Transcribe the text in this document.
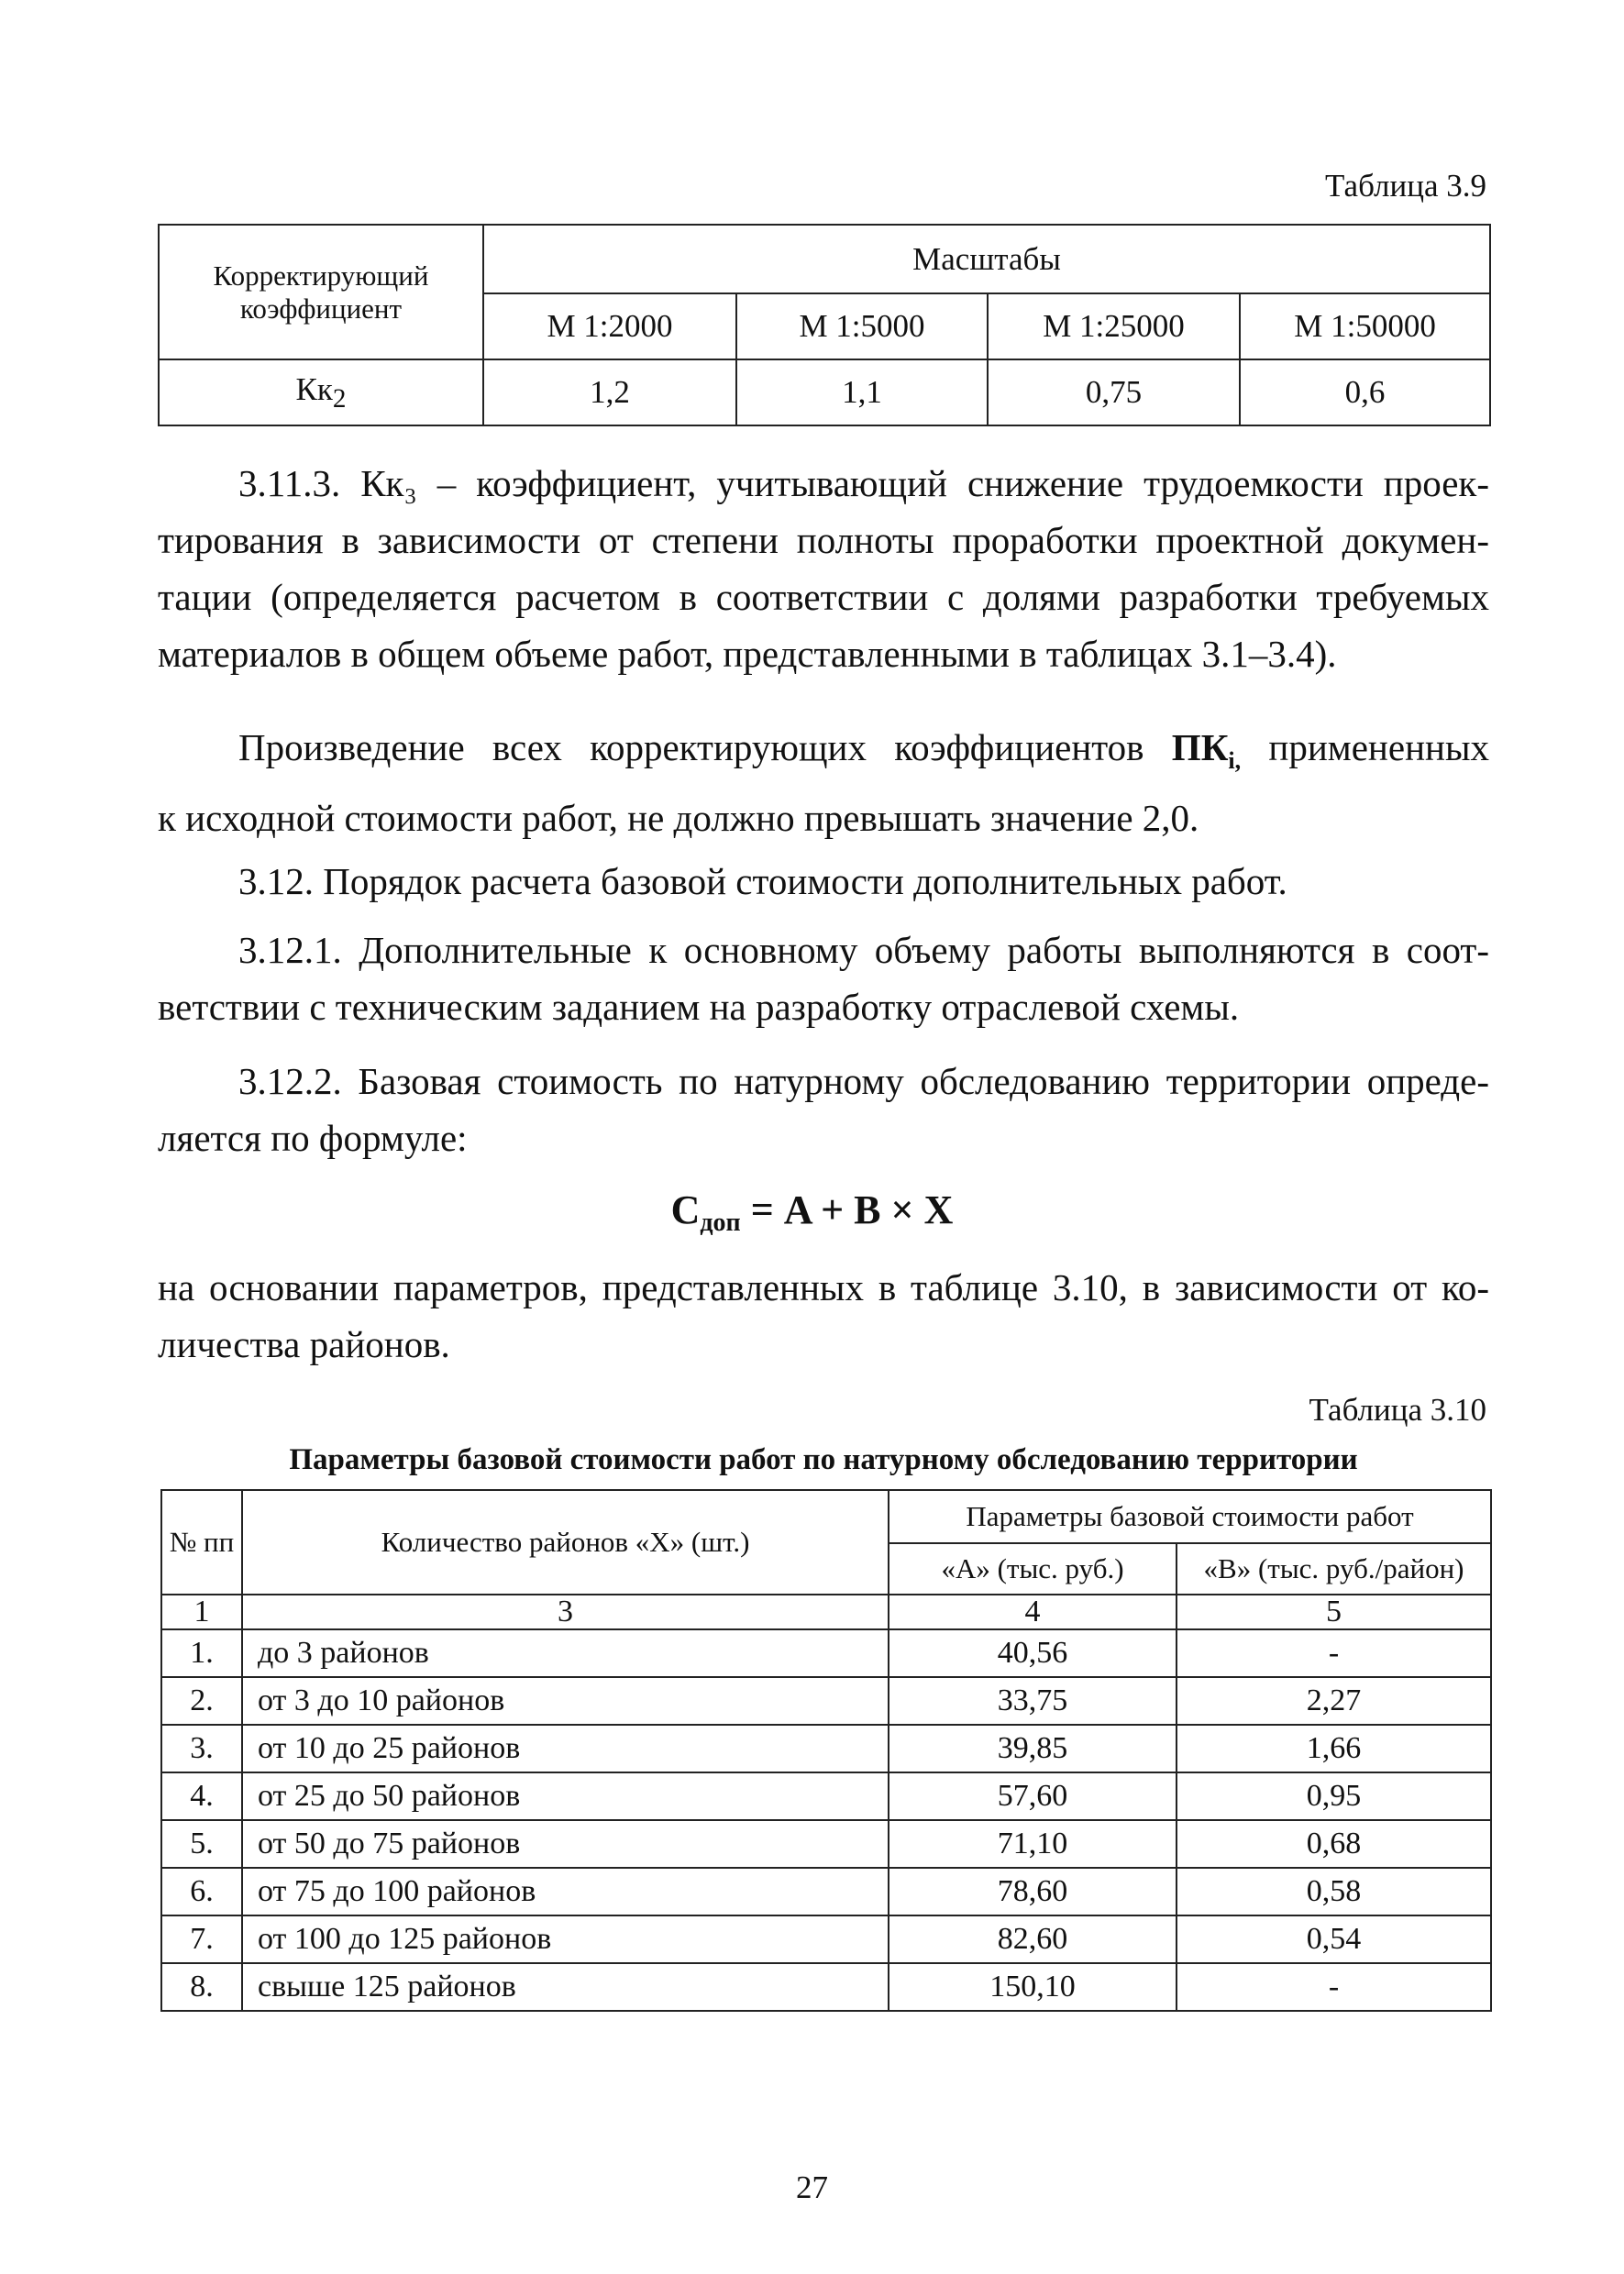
Таблица 3.9
Корректирующий коэффициент	Масштабы			
	М 1:2000	М 1:5000	М 1:25000	М 1:50000
$Кк_2$	1,2	1,1	0,75	0,6
3.11.3. Кк₃ – коэффициент, учитывающий снижение трудоемкости проек-
тирования в зависимости от степени полноты проработки проектной докумен-
тации (определяется расчетом в соответствии с долями разработки требуемых
материалов в общем объеме работ, представленными в таблицах 3.1–3.4).
Произведение всех корректирующих коэффициентов $ПК_{i,}$ примененных
к исходной стоимости работ, не должно превышать значение 2,0.
3.12. Порядок расчета базовой стоимости дополнительных работ.
3.12.1. Дополнительные к основному объему работы выполняются в соот-
ветствии с техническим заданием на разработку отраслевой схемы.
3.12.2. Базовая стоимость по натурному обследованию территории опреде-
ляется по формуле:
$С_{доп} = A + B \times X$
на основании параметров, представленных в таблице 3.10, в зависимости от ко-
личества районов.
Таблица 3.10
Параметры базовой стоимости работ по натурному обследованию территории
№ пп	Количество районов «X» (шт.)	Параметры базовой стоимости работ	
		«A» (тыс. руб.)	«B» (тыс. руб./район)
1	3	4	5
1.	до 3 районов	40,56	-
2.	от 3 до 10 районов	33,75	2,27
3.	от 10 до 25 районов	39,85	1,66
4.	от 25 до 50 районов	57,60	0,95
5.	от 50 до 75 районов	71,10	0,68
6.	от 75 до 100 районов	78,60	0,58
7.	от 100 до 125 районов	82,60	0,54
8.	свыше 125 районов	150,10	-
27
